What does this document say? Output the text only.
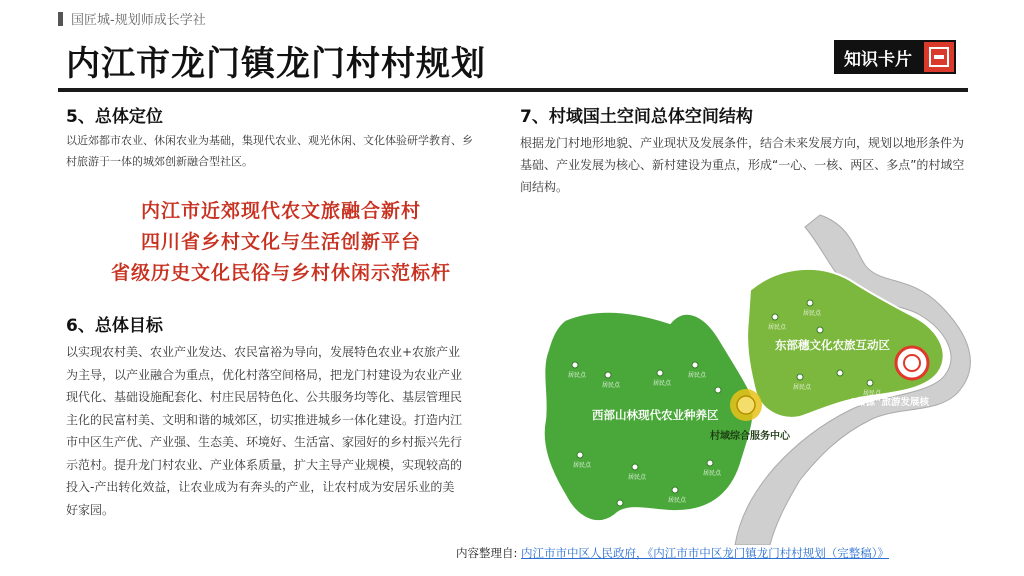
国匠城-规划师成长学社
内江市龙门镇龙门村村规划	知识卡片
5、总体定位
以近郊都市农业、休闲农业为基础，集现代农业、观光休闲、文化体验研学教育、乡村旅游于一体的城郊创新融合型社区。
内江市近郊现代农文旅融合新村
四川省乡村文化与生活创新平台
省级历史文化民俗与乡村休闲示范标杆
6、总体目标
以实现农村美、农业产业发达、农民富裕为导向，发展特色农业+农旅产业为主导，以产业融合为重点，优化村落空间格局，把龙门村建设为农业产业现代化、基础设施配套化、村庄民居特色化、公共服务均等化、基层管理民主化的民富村美、文明和谐的城郊区，切实推进城乡一体化建设。打造内江市中区生产优、产业强、生态美、环境好、生活富、家园好的乡村振兴先行示范村。提升龙门村农业、产业体系质量，扩大主导产业规模，实现较高的投入-产出转化效益，让农业成为有奔头的产业，让农村成为安居乐业的美好家园。
7、村域国土空间总体空间结构
根据龙门村地形地貌、产业现状及发展条件，结合未来发展方向，规划以地形条件为基础、产业发展为核心、新村建设为重点，形成“一心、一核、两区、多点”的村域空间结构。
居民点
居民点	居民点
居民点
居民点
居民点
居民点
居民点
居民点
居民点
居民点
居民点
西部山林现代农业种养区
东部穗文化农旅互动区
“甜源”旅游发展核
村域综合服务中心
内容整理自: 内江市市中区人民政府，《内江市市中区龙门镇龙门村村规划（完整稿）》
